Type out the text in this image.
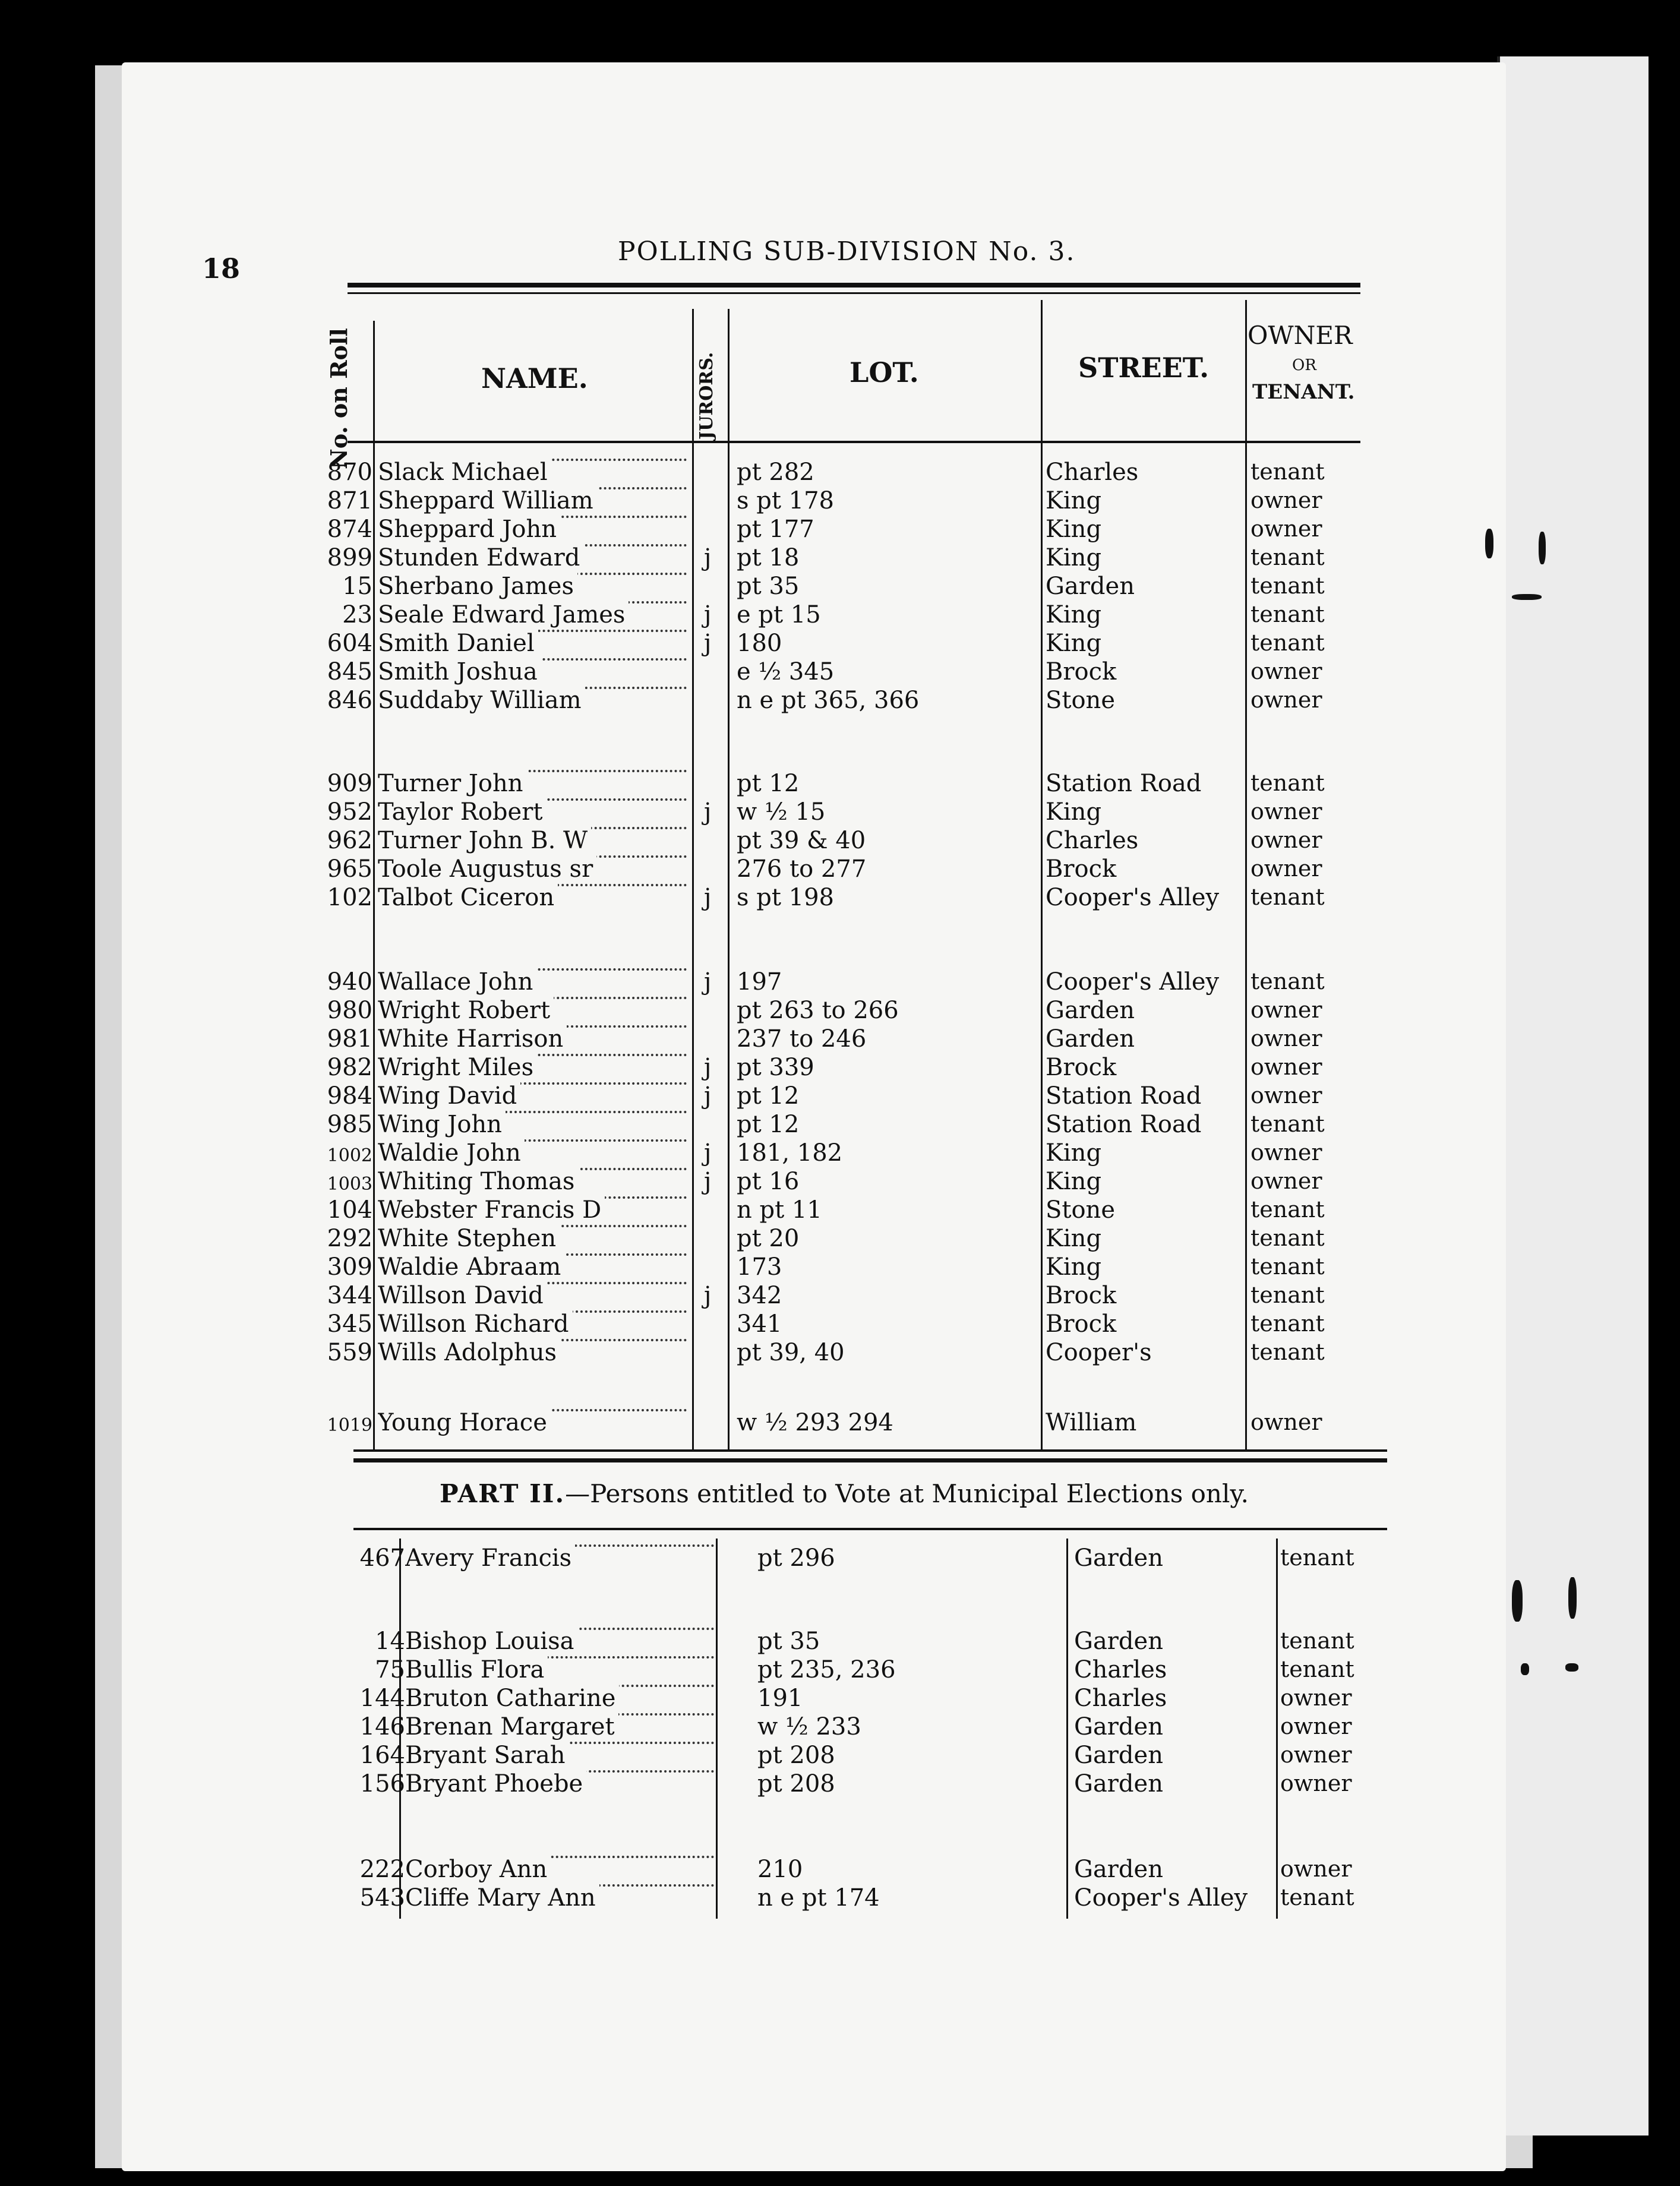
18
POLLING SUB-DIVISION No. 3.
No. on Roll	NAME.	JURORS.	LOT.	STREET.
OWNER
OR
TENANT.
870 Slack Michael	pt 282	Charles	tenant
871 Sheppard William	s pt 178	King	owner
874 Sheppard John	pt 177	King	owner
899 Stunden Edward	j pt 18	King	tenant
15 Sherbano James	pt 35	Garden	tenant
23 Seale Edward James	j e pt 15	King	tenant
604 Smith Daniel	j 180	King	tenant
845 Smith Joshua	e ½ 345	Brock	owner
846 Suddaby William	n e pt 365, 366	Stone	owner
909 Turner John	pt 12	Station Road tenant
952 Taylor Robert	j w ½ 15	King	owner
962 Turner John B. W	pt 39 & 40	Charles	owner
965 Toole Augustus sr	276 to 277	Brock	owner
102 Talbot Ciceron	j s pt 198	Cooper's Alley tenant
940 Wallace John	j 197	Cooper's Alley tenant
980 Wright Robert	pt 263 to 266	Garden	owner
981 White Harrison	237 to 246	Garden	owner
982 Wright Miles	j pt 339	Brock	owner
984 Wing David	j pt 12	Station Road owner
985 Wing John	pt 12	Station Road tenant
1002 Waldie John	j 181, 182	King	owner
1003 Whiting Thomas	j pt 16	King	owner
104 Webster Francis D	n pt 11	Stone	tenant
292 White Stephen	pt 20	King	tenant
309 Waldie Abraam	173	King	tenant
344 Willson David	j 342	Brock	tenant
345 Willson Richard	341	Brock	tenant
559 Wills Adolphus	pt 39, 40	Cooper's	tenant
1019 Young Horace	w ½ 293 294	William	owner
PART II.—Persons entitled to Vote at Municipal Elections only.
467 Avery Francis	pt 296	Garden	tenant
14 Bishop Louisa	pt 35	Garden	tenant
75 Bullis Flora	pt 235, 236	Charles	tenant
144 Bruton Catharine	191	Charles	owner
146 Brenan Margaret	w ½ 233	Garden	owner
164 Bryant Sarah	pt 208	Garden	owner
156 Bryant Phoebe	pt 208	Garden	owner
222 Corboy Ann	210	Garden	owner
543 Cliffe Mary Ann	n e pt 174	Cooper's Alley tenant
